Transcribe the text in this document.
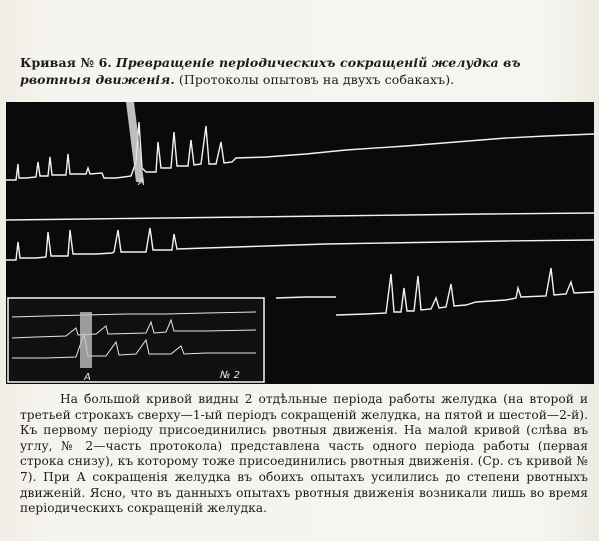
Кривая № 6. Превращеніе періодическихъ сокращеній желудка въ рвотныя движенія. (Протоколы опытовъ на двухъ собакахъ).
A
A	№ 2

На большой кривой видны 2 отдѣльные періода работы желудка (на второй и третьей строкахъ сверху—1-ый періодъ сокращеній желудка, на пятой и шестой—2-й). Къ первому періоду присоединились рвотныя движенія. На малой кривой (слѣва въ углу, № 2—часть протокола) представлена часть одного періода работы (первая строка снизу), къ которому тоже присоединились рвотныя движенія. (Ср. съ кривой № 7). При А сокращенія желудка въ обоихъ опытахъ усилились до степени рвотныхъ движеній. Ясно, что въ данныхъ опытахъ рвотныя движенія возникали лишь во время періодическихъ сокращеній желудка.
